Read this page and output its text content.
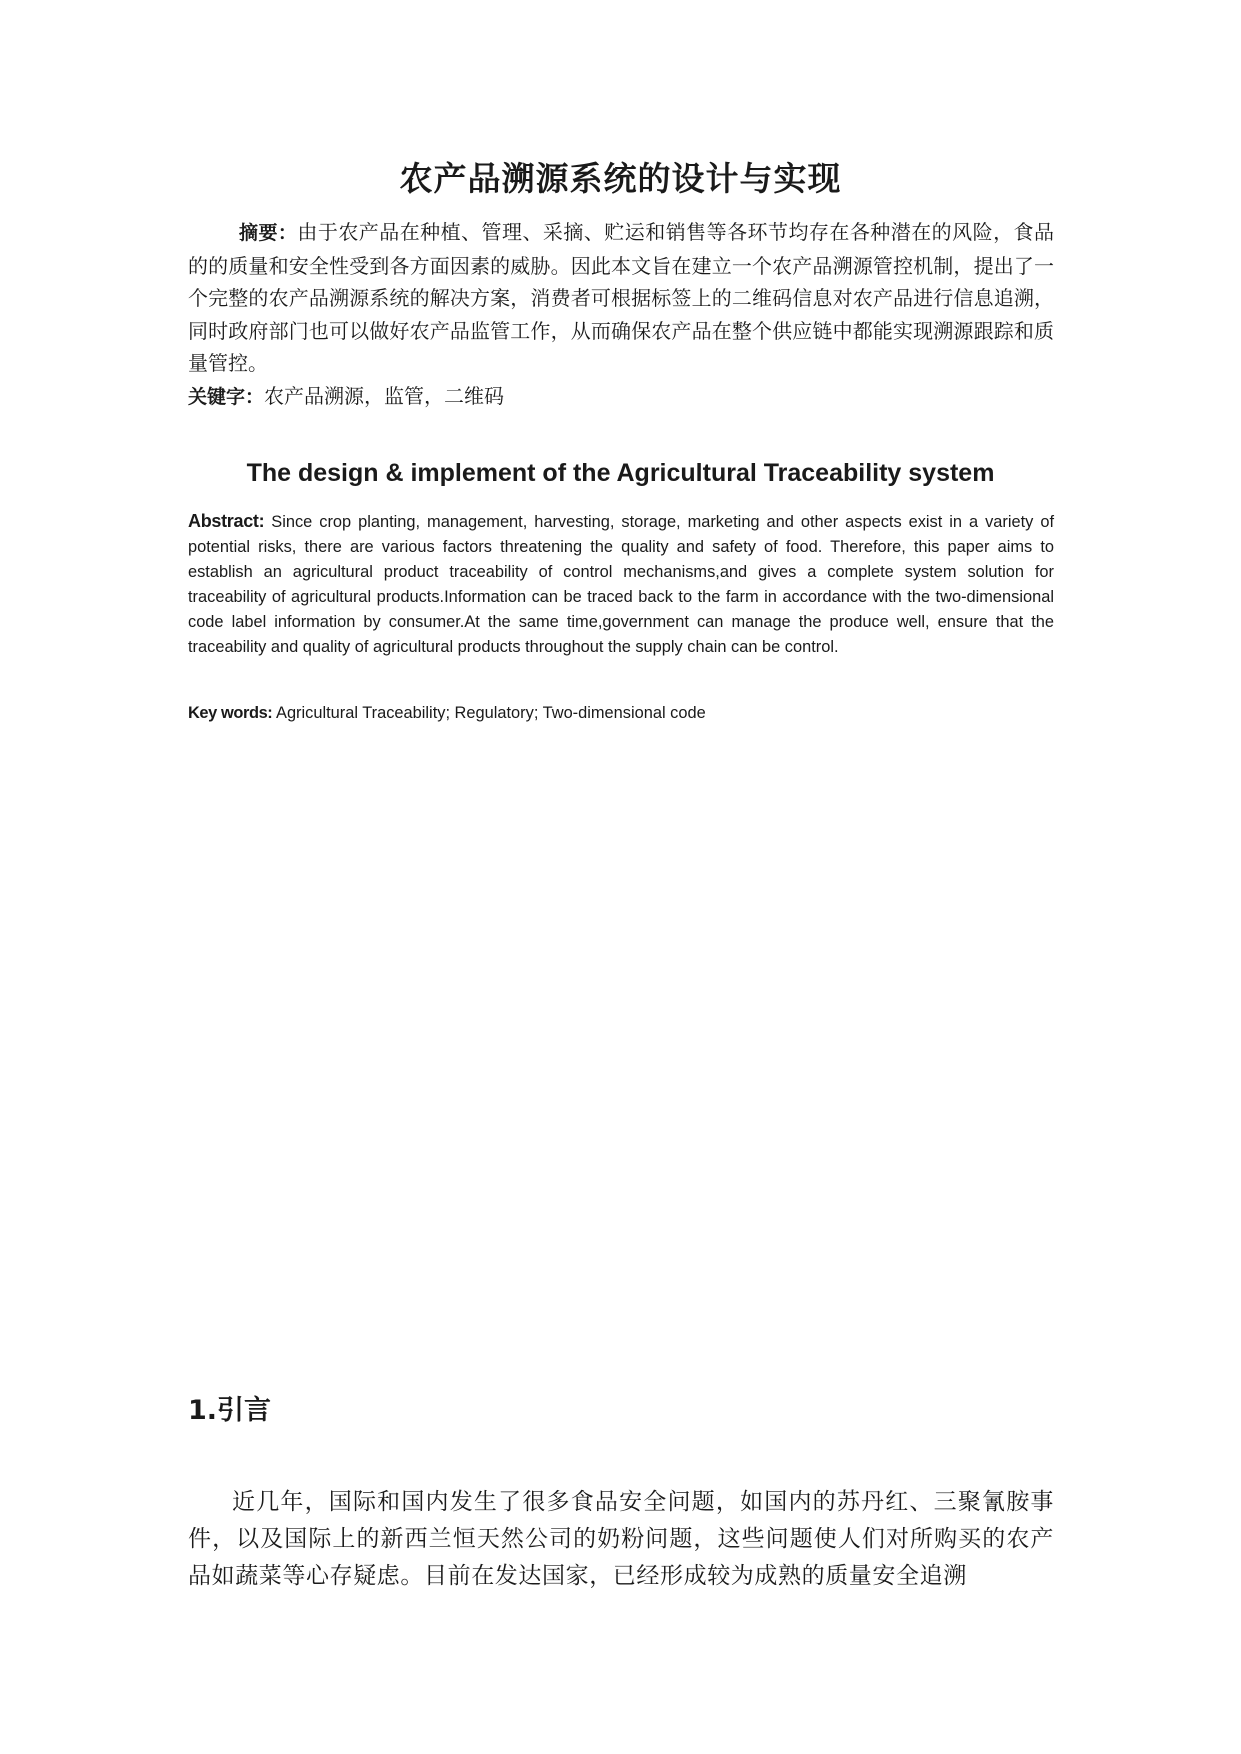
农产品溯源系统的设计与实现

摘要：由于农产品在种植、管理、采摘、贮运和销售等各环节均存在各种潜在的风险，食品的的质量和安全性受到各方面因素的威胁。因此本文旨在建立一个农产品溯源管控机制，提出了一个完整的农产品溯源系统的解决方案，消费者可根据标签上的二维码信息对农产品进行信息追溯，同时政府部门也可以做好农产品监管工作，从而确保农产品在整个供应链中都能实现溯源跟踪和质量管控。

关键字：农产品溯源，监管，二维码

The design & implement of the Agricultural Traceability system

Abstract: Since crop planting, management, harvesting, storage, marketing and other aspects exist in a variety of potential risks, there are various factors threatening the quality and safety of food. Therefore, this paper aims to establish an agricultural product traceability of control mechanisms,and gives a complete system solution for traceability of agricultural products.Information can be traced back to the farm in accordance with the two-dimensional code label information by consumer.At the same time,government can manage the produce well, ensure that the traceability and quality of agricultural products throughout the supply chain can be control.

Key words: Agricultural Traceability; Regulatory; Two-dimensional code

1.引言

近几年，国际和国内发生了很多食品安全问题，如国内的苏丹红、三聚氰胺事件，以及国际上的新西兰恒天然公司的奶粉问题，这些问题使人们对所购买的农产品如蔬菜等心存疑虑。目前在发达国家，已经形成较为成熟的质量安全追溯
